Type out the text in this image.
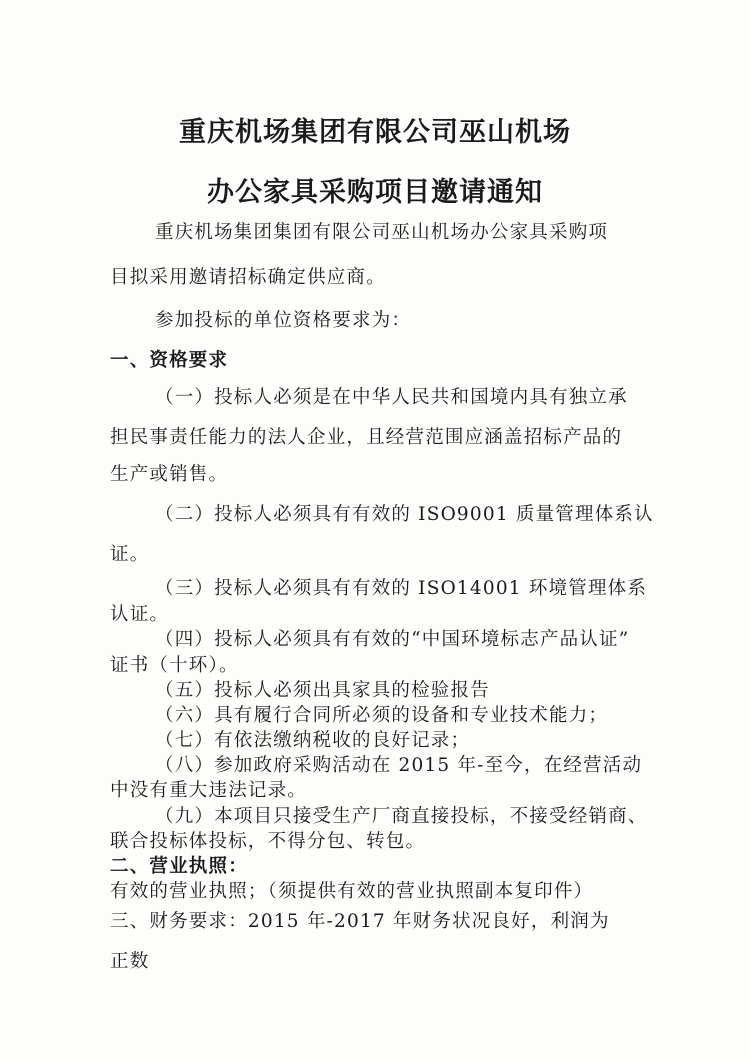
重庆机场集团有限公司巫山机场
办公家具采购项目邀请通知
重庆机场集团集团有限公司巫山机场办公家具采购项
目拟采用邀请招标确定供应商。
参加投标的单位资格要求为：
一、资格要求
（一）投标人必须是在中华人民共和国境内具有独立承
担民事责任能力的法人企业，且经营范围应涵盖招标产品的
生产或销售。
（二）投标人必须具有有效的 ISO9001 质量管理体系认
证。
（三）投标人必须具有有效的 ISO14001 环境管理体系
认证。
（四）投标人必须具有有效的“中国环境标志产品认证”
证书（十环）。
（五）投标人必须出具家具的检验报告
（六）具有履行合同所必须的设备和专业技术能力；
（七）有依法缴纳税收的良好记录；
（八）参加政府采购活动在 2015 年-至今，在经营活动
中没有重大违法记录。
（九）本项目只接受生产厂商直接投标，不接受经销商、
联合投标体投标，不得分包、转包。
二、营业执照：
有效的营业执照；（须提供有效的营业执照副本复印件）
三、财务要求：2015 年-2017 年财务状况良好，利润为
正数
